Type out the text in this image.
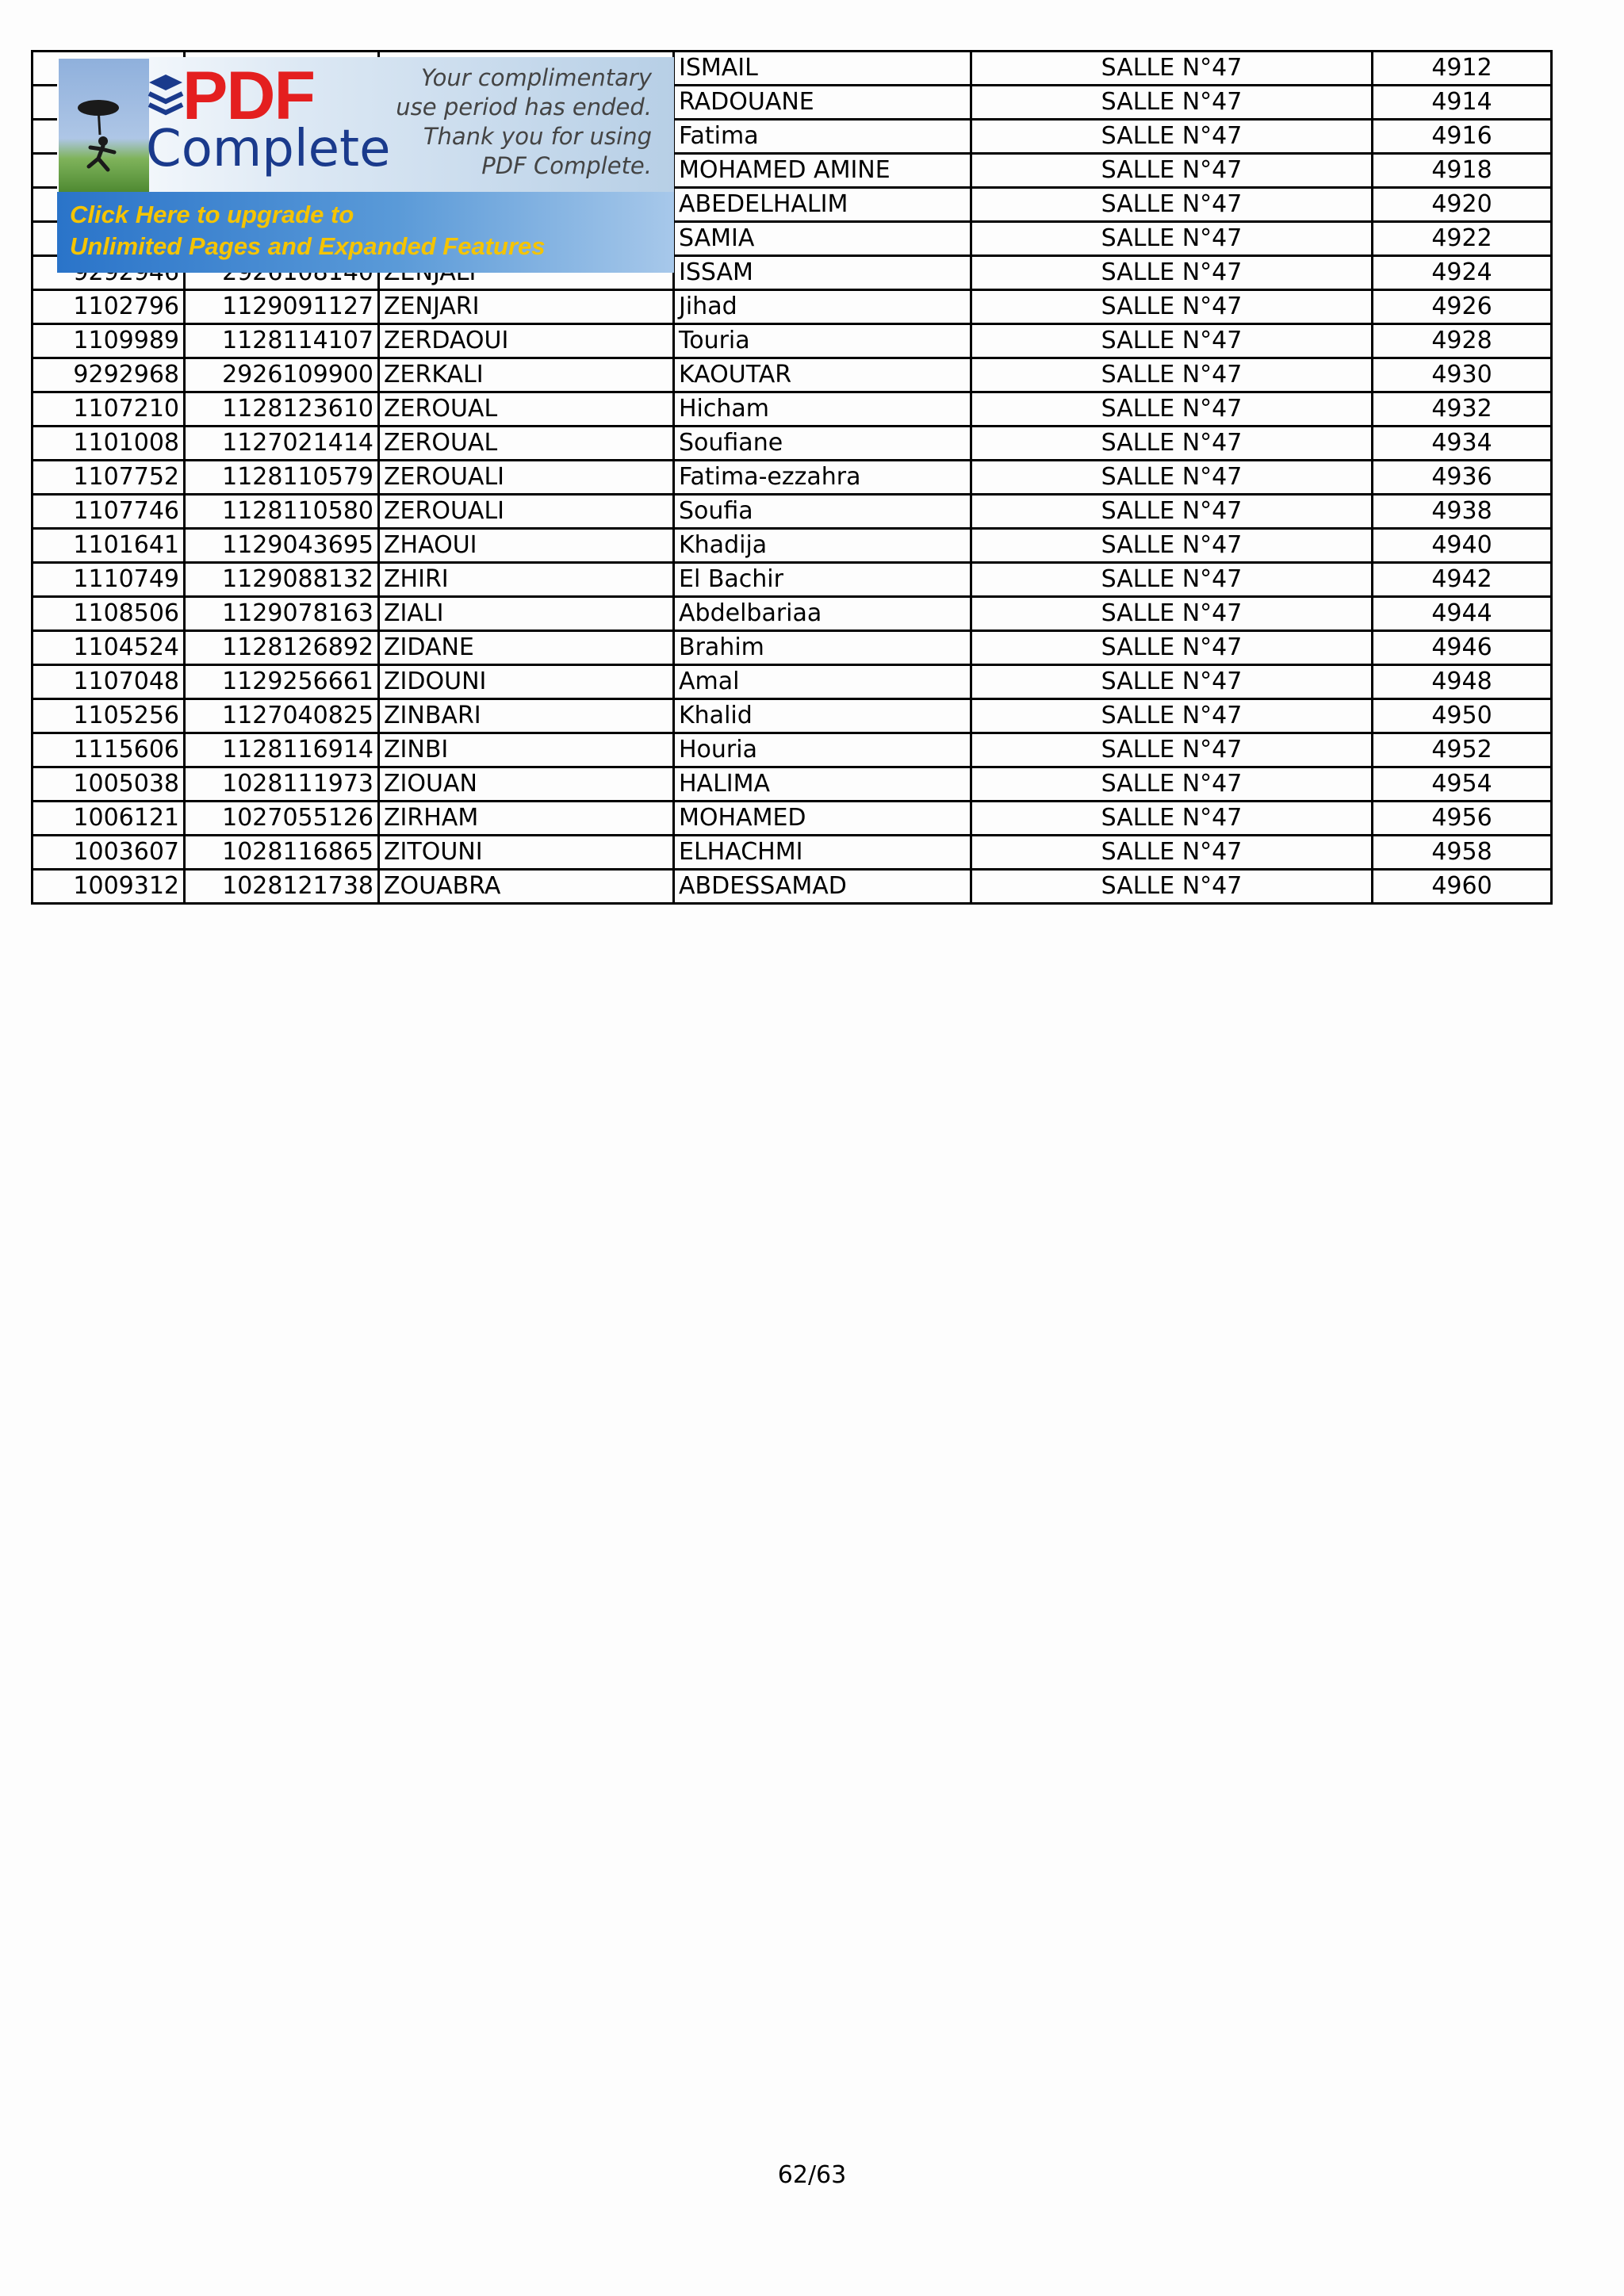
			ISMAIL	SALLE N°47	4912
			RADOUANE	SALLE N°47	4914
			Fatima	SALLE N°47	4916
			MOHAMED AMINE	SALLE N°47	4918
			ABEDELHALIM	SALLE N°47	4920
			SAMIA	SALLE N°47	4922
			ISSAM	SALLE N°47	4924
1102796	1129091127	ZENJARI	Jihad	SALLE N°47	4926
1109989	1128114107	ZERDAOUI	Touria	SALLE N°47	4928
9292968	2926109900	ZERKALI	KAOUTAR	SALLE N°47	4930
1107210	1128123610	ZEROUAL	Hicham	SALLE N°47	4932
1101008	1127021414	ZEROUAL	Soufiane	SALLE N°47	4934
1107752	1128110579	ZEROUALI	Fatima-ezzahra	SALLE N°47	4936
1107746	1128110580	ZEROUALI	Soufia	SALLE N°47	4938
1101641	1129043695	ZHAOUI	Khadija	SALLE N°47	4940
1110749	1129088132	ZHIRI	El Bachir	SALLE N°47	4942
1108506	1129078163	ZIALI	Abdelbariaa	SALLE N°47	4944
1104524	1128126892	ZIDANE	Brahim	SALLE N°47	4946
1107048	1129256661	ZIDOUNI	Amal	SALLE N°47	4948
1105256	1127040825	ZINBARI	Khalid	SALLE N°47	4950
1115606	1128116914	ZINBI	Houria	SALLE N°47	4952
1005038	1028111973	ZIOUAN	HALIMA	SALLE N°47	4954
1006121	1027055126	ZIRHAM	MOHAMED	SALLE N°47	4956
1003607	1028116865	ZITOUNI	ELHACHMI	SALLE N°47	4958
1009312	1028121738	ZOUABRA	ABDESSAMAD	SALLE N°47	4960
PDF
Complete
Your complimentary
use period has ended.
Thank you for using
PDF Complete.
Click Here to upgrade to
Unlimited Pages and Expanded Features
62/63
